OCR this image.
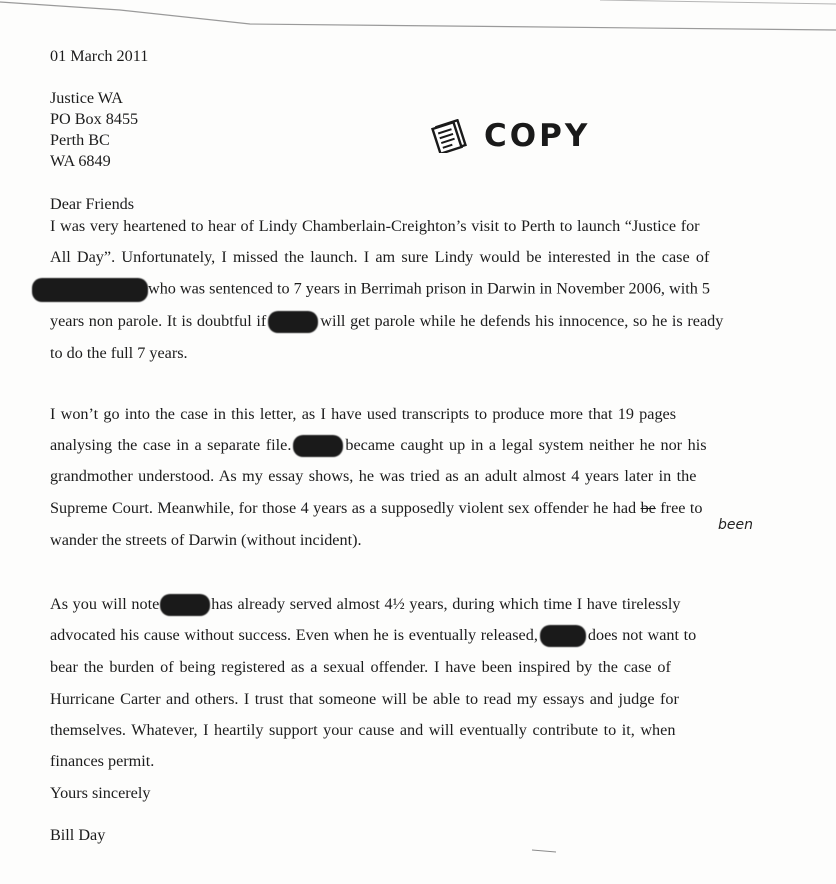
01 March 2011
Justice WA
PO Box 8455
Perth BC
WA 6849
COPY
Dear Friends
I was very heartened to hear of Lindy Chamberlain-Creighton’s visit to Perth to launch “Justice for
All Day”. Unfortunately, I missed the launch. I am sure Lindy would be interested in the case of
who was sentenced to 7 years in Berrimah prison in Darwin in November 2006, with 5
years non parole. It is doubtful if	will get parole while he defends his innocence, so he is ready
to do the full 7 years.
I won’t go into the case in this letter, as I have used transcripts to produce more that 19 pages
analysing the case in a separate file.	became caught up in a legal system neither he nor his
grandmother understood. As my essay shows, he was tried as an adult almost 4 years later in the
Supreme Court. Meanwhile, for those 4 years as a supposedly violent sex offender he had be free to
been
wander the streets of Darwin (without incident).
As you will note	has already served almost 4½ years, during which time I have tirelessly
advocated his cause without success. Even when he is eventually released,	does not want to
bear the burden of being registered as a sexual offender. I have been inspired by the case of
Hurricane Carter and others. I trust that someone will be able to read my essays and judge for
themselves. Whatever, I heartily support your cause and will eventually contribute to it, when
finances permit.
Yours sincerely
Bill Day
